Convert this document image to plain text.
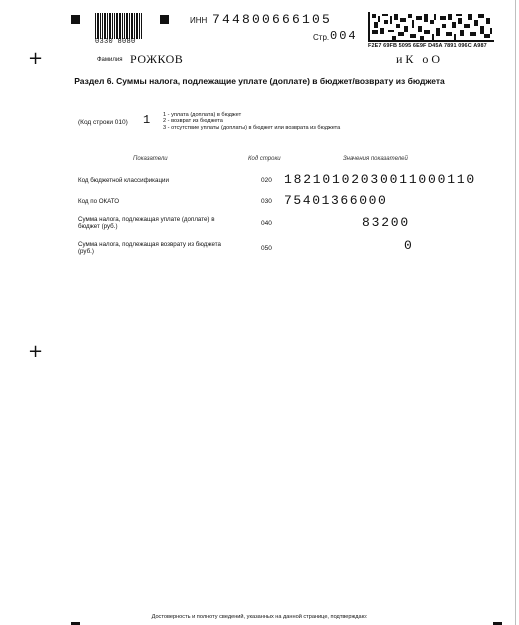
+
+
0330 8080
ИНН 744800666105
Стр. 004
F2E7 69FB 5095 6E9F D45A 7891 096C A987
Фамилия РОЖКОВ	и К   о О
Раздел 6. Суммы налога, подлежащие уплате (доплате) в бюджет/возврату из бюджета
(Код строки 010) 1 1 - уплата (доплата) в бюджет
2 - возврат из бюджета
3 - отсутствие уплаты (доплаты) в бюджет или возврата из бюджета
Показатели	Код строки	Значения показателей
Код бюджетной классификации	020 18210102030011000110
Код по ОКАТО	030 75401366000
Сумма налога, подлежащая уплате (доплате) в бюджет (руб.)	040	83200
Сумма налога, подлежащая возврату из бюджета (руб.)	050	0
Достоверность и полноту сведений, указанных на данной странице, подтверждаю:
